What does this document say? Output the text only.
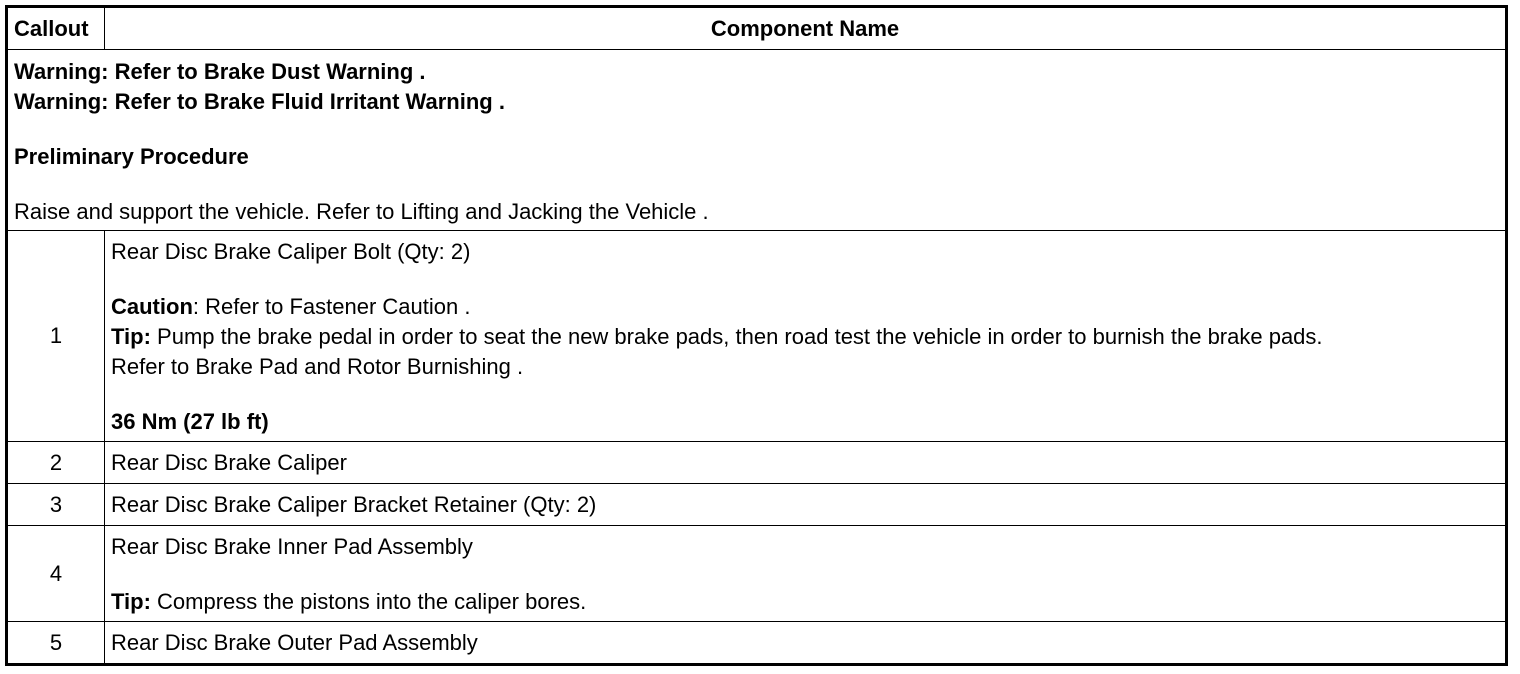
Callout	Component Name

Warning: Refer to Brake Dust Warning .
Warning: Refer to Brake Fluid Irritant Warning .
Preliminary Procedure
Raise and support the vehicle. Refer to Lifting and Jacking the Vehicle .	

1	Rear Disc Brake Caliper Bolt (Qty: 2)
Caution: Refer to Fastener Caution .
Tip: Pump the brake pedal in order to seat the new brake pads, then road test the vehicle in order to burnish the brake pads.
Refer to Brake Pad and Rotor Burnishing .
36 Nm (27 lb ft)

2	Rear Disc Brake Caliper
3	Rear Disc Brake Caliper Bracket Retainer (Qty: 2)
4	Rear Disc Brake Inner Pad Assembly
Tip: Compress the pistons into the caliper bores.

5	Rear Disc Brake Outer Pad Assembly
